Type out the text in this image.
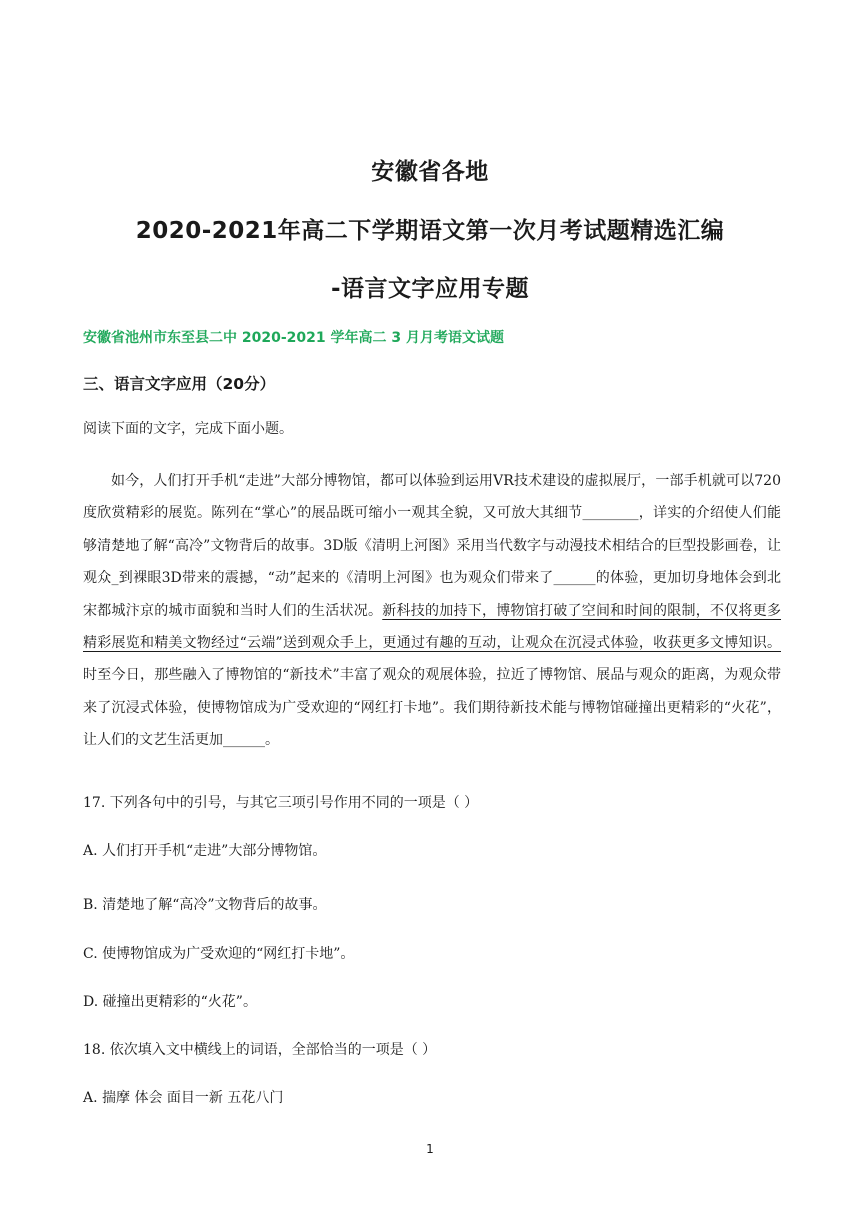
安徽省各地
2020-2021年高二下学期语文第一次月考试题精选汇编
-语言文字应用专题
安徽省池州市东至县二中 2020-2021 学年高二 3 月月考语文试题
三、语言文字应用（20分）
阅读下面的文字，完成下面小题。
如今，人们打开手机“走进”大部分博物馆，都可以体验到运用VR技术建设的虚拟展厅，一部手机就可以720度欣赏精彩的展览。陈列在“掌心”的展品既可缩小一观其全貌，又可放大其细节________，详实的介绍使人们能够清楚地了解“高冷”文物背后的故事。3D版《清明上河图》采用当代数字与动漫技术相结合的巨型投影画卷，让观众_到裸眼3D带来的震撼，“动”起来的《清明上河图》也为观众们带来了______的体验，更加切身地体会到北宋都城汴京的城市面貌和当时人们的生活状况。新科技的加持下，博物馆打破了空间和时间的限制，不仅将更多精彩展览和精美文物经过“云端”送到观众手上，更通过有趣的互动，让观众在沉浸式体验，收获更多文博知识。时至今日，那些融入了博物馆的“新技术”丰富了观众的观展体验，拉近了博物馆、展品与观众的距离，为观众带来了沉浸式体验，使博物馆成为广受欢迎的“网红打卡地”。我们期待新技术能与博物馆碰撞出更精彩的“火花”，让人们的文艺生活更加______。
17. 下列各句中的引号，与其它三项引号作用不同的一项是（ ）
A. 人们打开手机“走进”大部分博物馆。
B. 清楚地了解“高冷”文物背后的故事。
C. 使博物馆成为广受欢迎的“网红打卡地”。
D. 碰撞出更精彩的“火花”。
18. 依次填入文中横线上的词语，全部恰当的一项是（ ）
A. 揣摩 体会 面目一新 五花八门
1
